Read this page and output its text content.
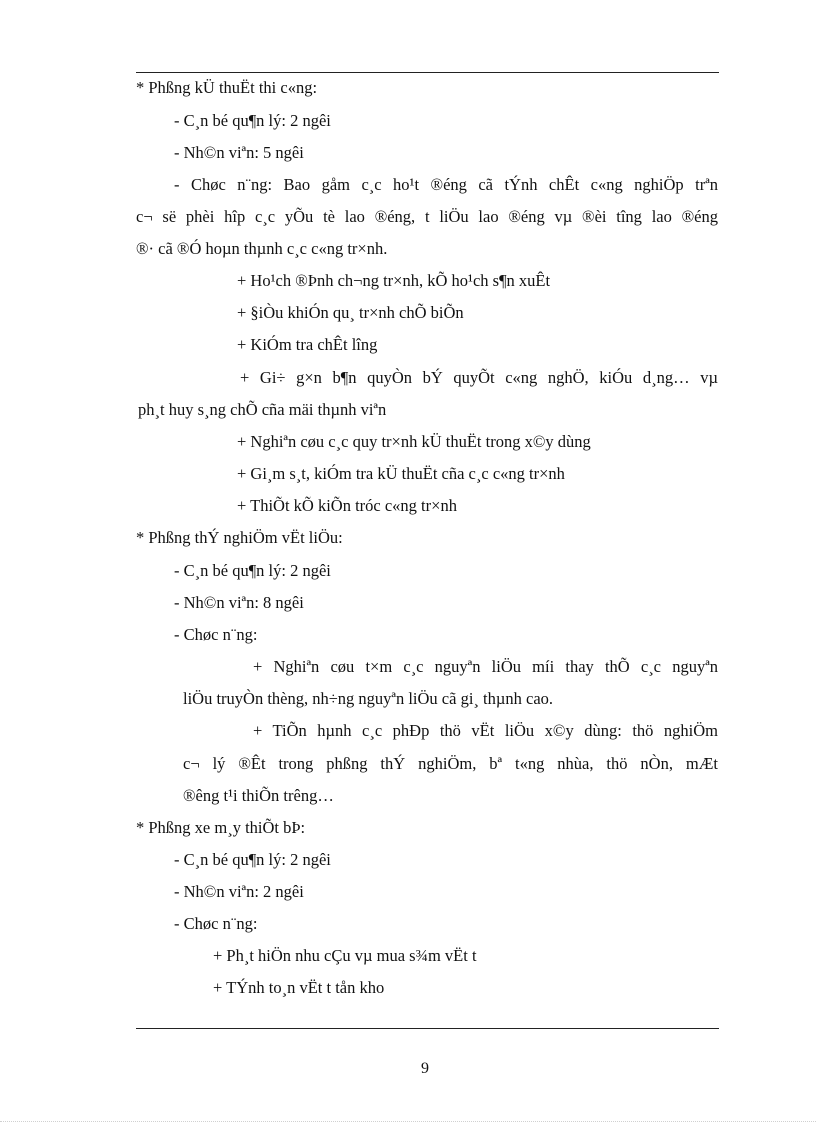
* Phßng kÜ thuËt thi c«ng:
- C¸n bé qu¶n lý: 2 ngêi
- Nh©n viªn: 5 ngêi
- Chøc n¨ng: Bao gåm c¸c ho¹t ®éng cã tÝnh chÊt c«ng nghiÖp trªn
c¬ së phèi hîp c¸c yÕu tè lao ®éng, t liÖu lao ®éng vµ ®èi tîng lao ®éng
®· cã ®Ó hoµn thµnh c¸c c«ng tr×nh.
+ Ho¹ch ®Þnh ch¬ng tr×nh, kÕ ho¹ch s¶n xuÊt
+ §iÒu khiÓn qu¸ tr×nh chÕ biÕn
+ KiÓm tra chÊt lîng
+ Gi÷ g×n b¶n quyÒn bÝ quyÕt c«ng nghÖ, kiÓu d¸ng… vµ
ph¸t huy s¸ng chÕ cña mäi thµnh viªn
+ Nghiªn cøu c¸c quy tr×nh kÜ thuËt trong x©y dùng
+ Gi¸m s¸t, kiÓm tra kÜ thuËt cña c¸c c«ng tr×nh
+ ThiÕt kÕ kiÕn tróc c«ng tr×nh
* Phßng thÝ nghiÖm vËt liÖu:
- C¸n bé qu¶n lý: 2 ngêi
- Nh©n viªn: 8 ngêi
- Chøc n¨ng:
+ Nghiªn cøu t×m c¸c nguyªn liÖu míi thay thÕ c¸c nguyªn
liÖu truyÒn thèng, nh÷ng nguyªn liÖu cã gi¸ thµnh cao.
+ TiÕn hµnh c¸c phÐp thö vËt liÖu x©y dùng: thö nghiÖm
c¬ lý ®Êt trong phßng thÝ nghiÖm, bª t«ng nhùa, thö nÒn, mÆt
®êng t¹i thiÕn trêng…
* Phßng xe m¸y thiÕt bÞ:
- C¸n bé qu¶n lý: 2 ngêi
- Nh©n viªn: 2 ngêi
- Chøc n¨ng:
+ Ph¸t hiÖn nhu cÇu vµ mua s¾m vËt t
+ TÝnh to¸n vËt t tån kho
9
